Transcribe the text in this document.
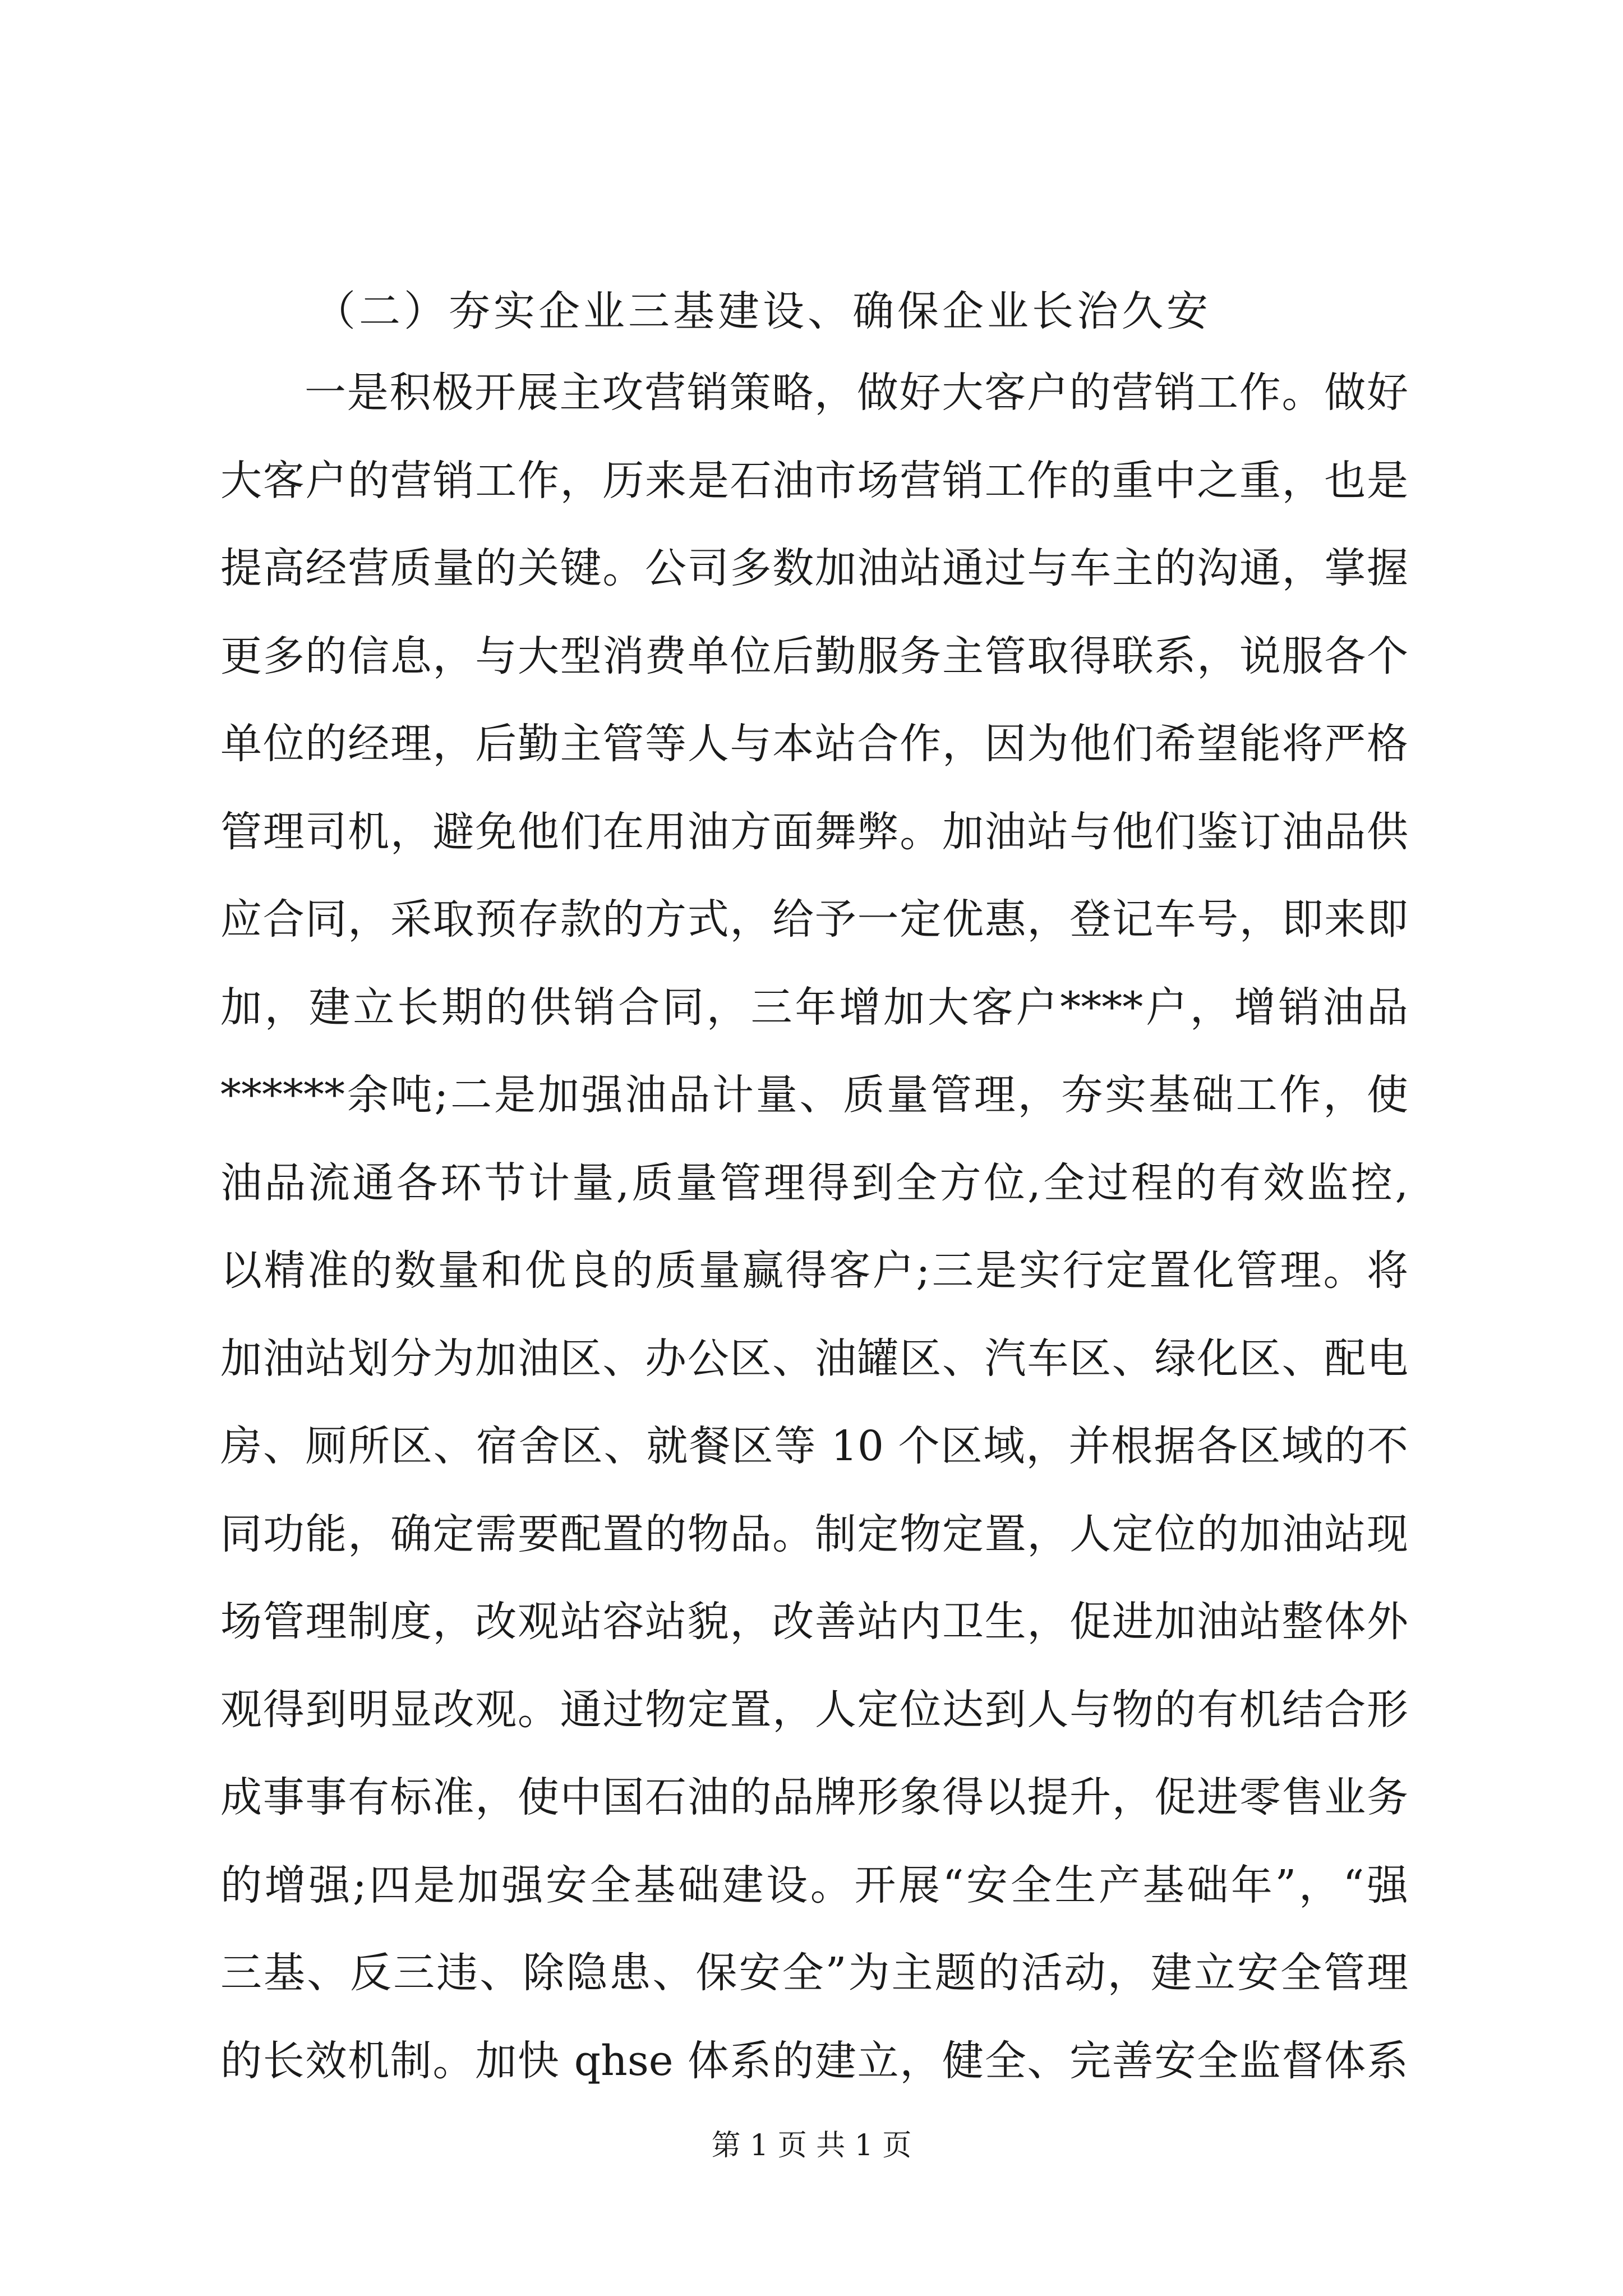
（二）夯实企业三基建设、确保企业长治久安
一是积极开展主攻营销策略，做好大客户的营销工作。做好
大客户的营销工作，历来是石油市场营销工作的重中之重，也是
提高经营质量的关键。公司多数加油站通过与车主的沟通，掌握
更多的信息，与大型消费单位后勤服务主管取得联系，说服各个
单位的经理，后勤主管等人与本站合作，因为他们希望能将严格
管理司机，避免他们在用油方面舞弊。加油站与他们鉴订油品供
应合同，采取预存款的方式，给予一定优惠，登记车号，即来即
加，建立长期的供销合同，三年增加大客户****户，增销油品
******余吨;二是加强油品计量、质量管理，夯实基础工作，使
油品流通各环节计量,质量管理得到全方位,全过程的有效监控,
以精准的数量和优良的质量赢得客户;三是实行定置化管理。将
加油站划分为加油区、办公区、油罐区、汽车区、绿化区、配电
房、厕所区、宿舍区、就餐区等 10 个区域，并根据各区域的不
同功能，确定需要配置的物品。制定物定置，人定位的加油站现
场管理制度，改观站容站貌，改善站内卫生，促进加油站整体外
观得到明显改观。通过物定置，人定位达到人与物的有机结合形
成事事有标准，使中国石油的品牌形象得以提升，促进零售业务
的增强;四是加强安全基础建设。开展“安全生产基础年”，“强
三基、反三违、除隐患、保安全”为主题的活动，建立安全管理
的长效机制。加快 qhse 体系的建立，健全、完善安全监督体系
第 1 页 共 1 页
